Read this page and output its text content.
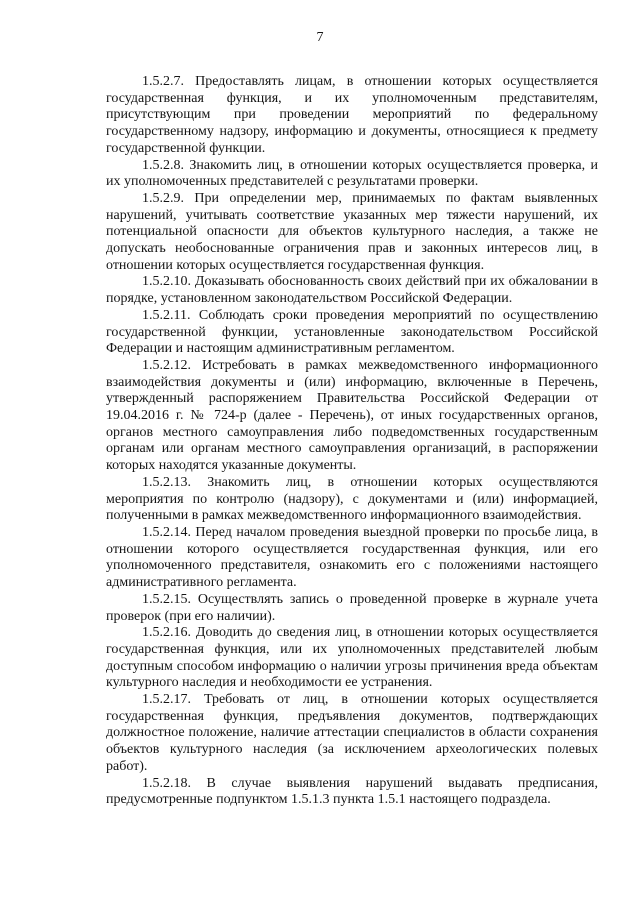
7

1.5.2.7. Предоставлять лицам, в отношении которых осуществляется государственная функция, и их уполномоченным представителям, присутствующим при проведении мероприятий по федеральному государственному надзору, информацию и документы, относящиеся к предмету государственной функции.

1.5.2.8. Знакомить лиц, в отношении которых осуществляется проверка, и их уполномоченных представителей с результатами проверки.

1.5.2.9. При определении мер, принимаемых по фактам выявленных нарушений, учитывать соответствие указанных мер тяжести нарушений, их потенциальной опасности для объектов культурного наследия, а также не допускать необоснованные ограничения прав и законных интересов лиц, в отношении которых осуществляется государственная функция.

1.5.2.10. Доказывать обоснованность своих действий при их обжаловании в порядке, установленном законодательством Российской Федерации.

1.5.2.11. Соблюдать сроки проведения мероприятий по осуществлению государственной функции, установленные законодательством Российской Федерации и настоящим административным регламентом.

1.5.2.12. Истребовать в рамках межведомственного информационного взаимодействия документы и (или) информацию, включенные в Перечень, утвержденный распоряжением Правительства Российской Федерации от 19.04.2016 г. № 724-р (далее - Перечень), от иных государственных органов, органов местного самоуправления либо подведомственных государственным органам или органам местного самоуправления организаций, в распоряжении которых находятся указанные документы.

1.5.2.13. Знакомить лиц, в отношении которых осуществляются мероприятия по контролю (надзору), с документами и (или) информацией, полученными в рамках межведомственного информационного взаимодействия.

1.5.2.14. Перед началом проведения выездной проверки по просьбе лица, в отношении которого осуществляется государственная функция, или его уполномоченного представителя, ознакомить его с положениями настоящего административного регламента.

1.5.2.15. Осуществлять запись о проведенной проверке в журнале учета проверок (при его наличии).

1.5.2.16. Доводить до сведения лиц, в отношении которых осуществляется государственная функция, или их уполномоченных представителей любым доступным способом информацию о наличии угрозы причинения вреда объектам культурного наследия и необходимости ее устранения.

1.5.2.17. Требовать от лиц, в отношении которых осуществляется государственная функция, предъявления документов, подтверждающих должностное положение, наличие аттестации специалистов в области сохранения объектов культурного наследия (за исключением археологических полевых работ).

1.5.2.18. В случае выявления нарушений выдавать предписания, предусмотренные подпунктом 1.5.1.3 пункта 1.5.1 настоящего подраздела.
